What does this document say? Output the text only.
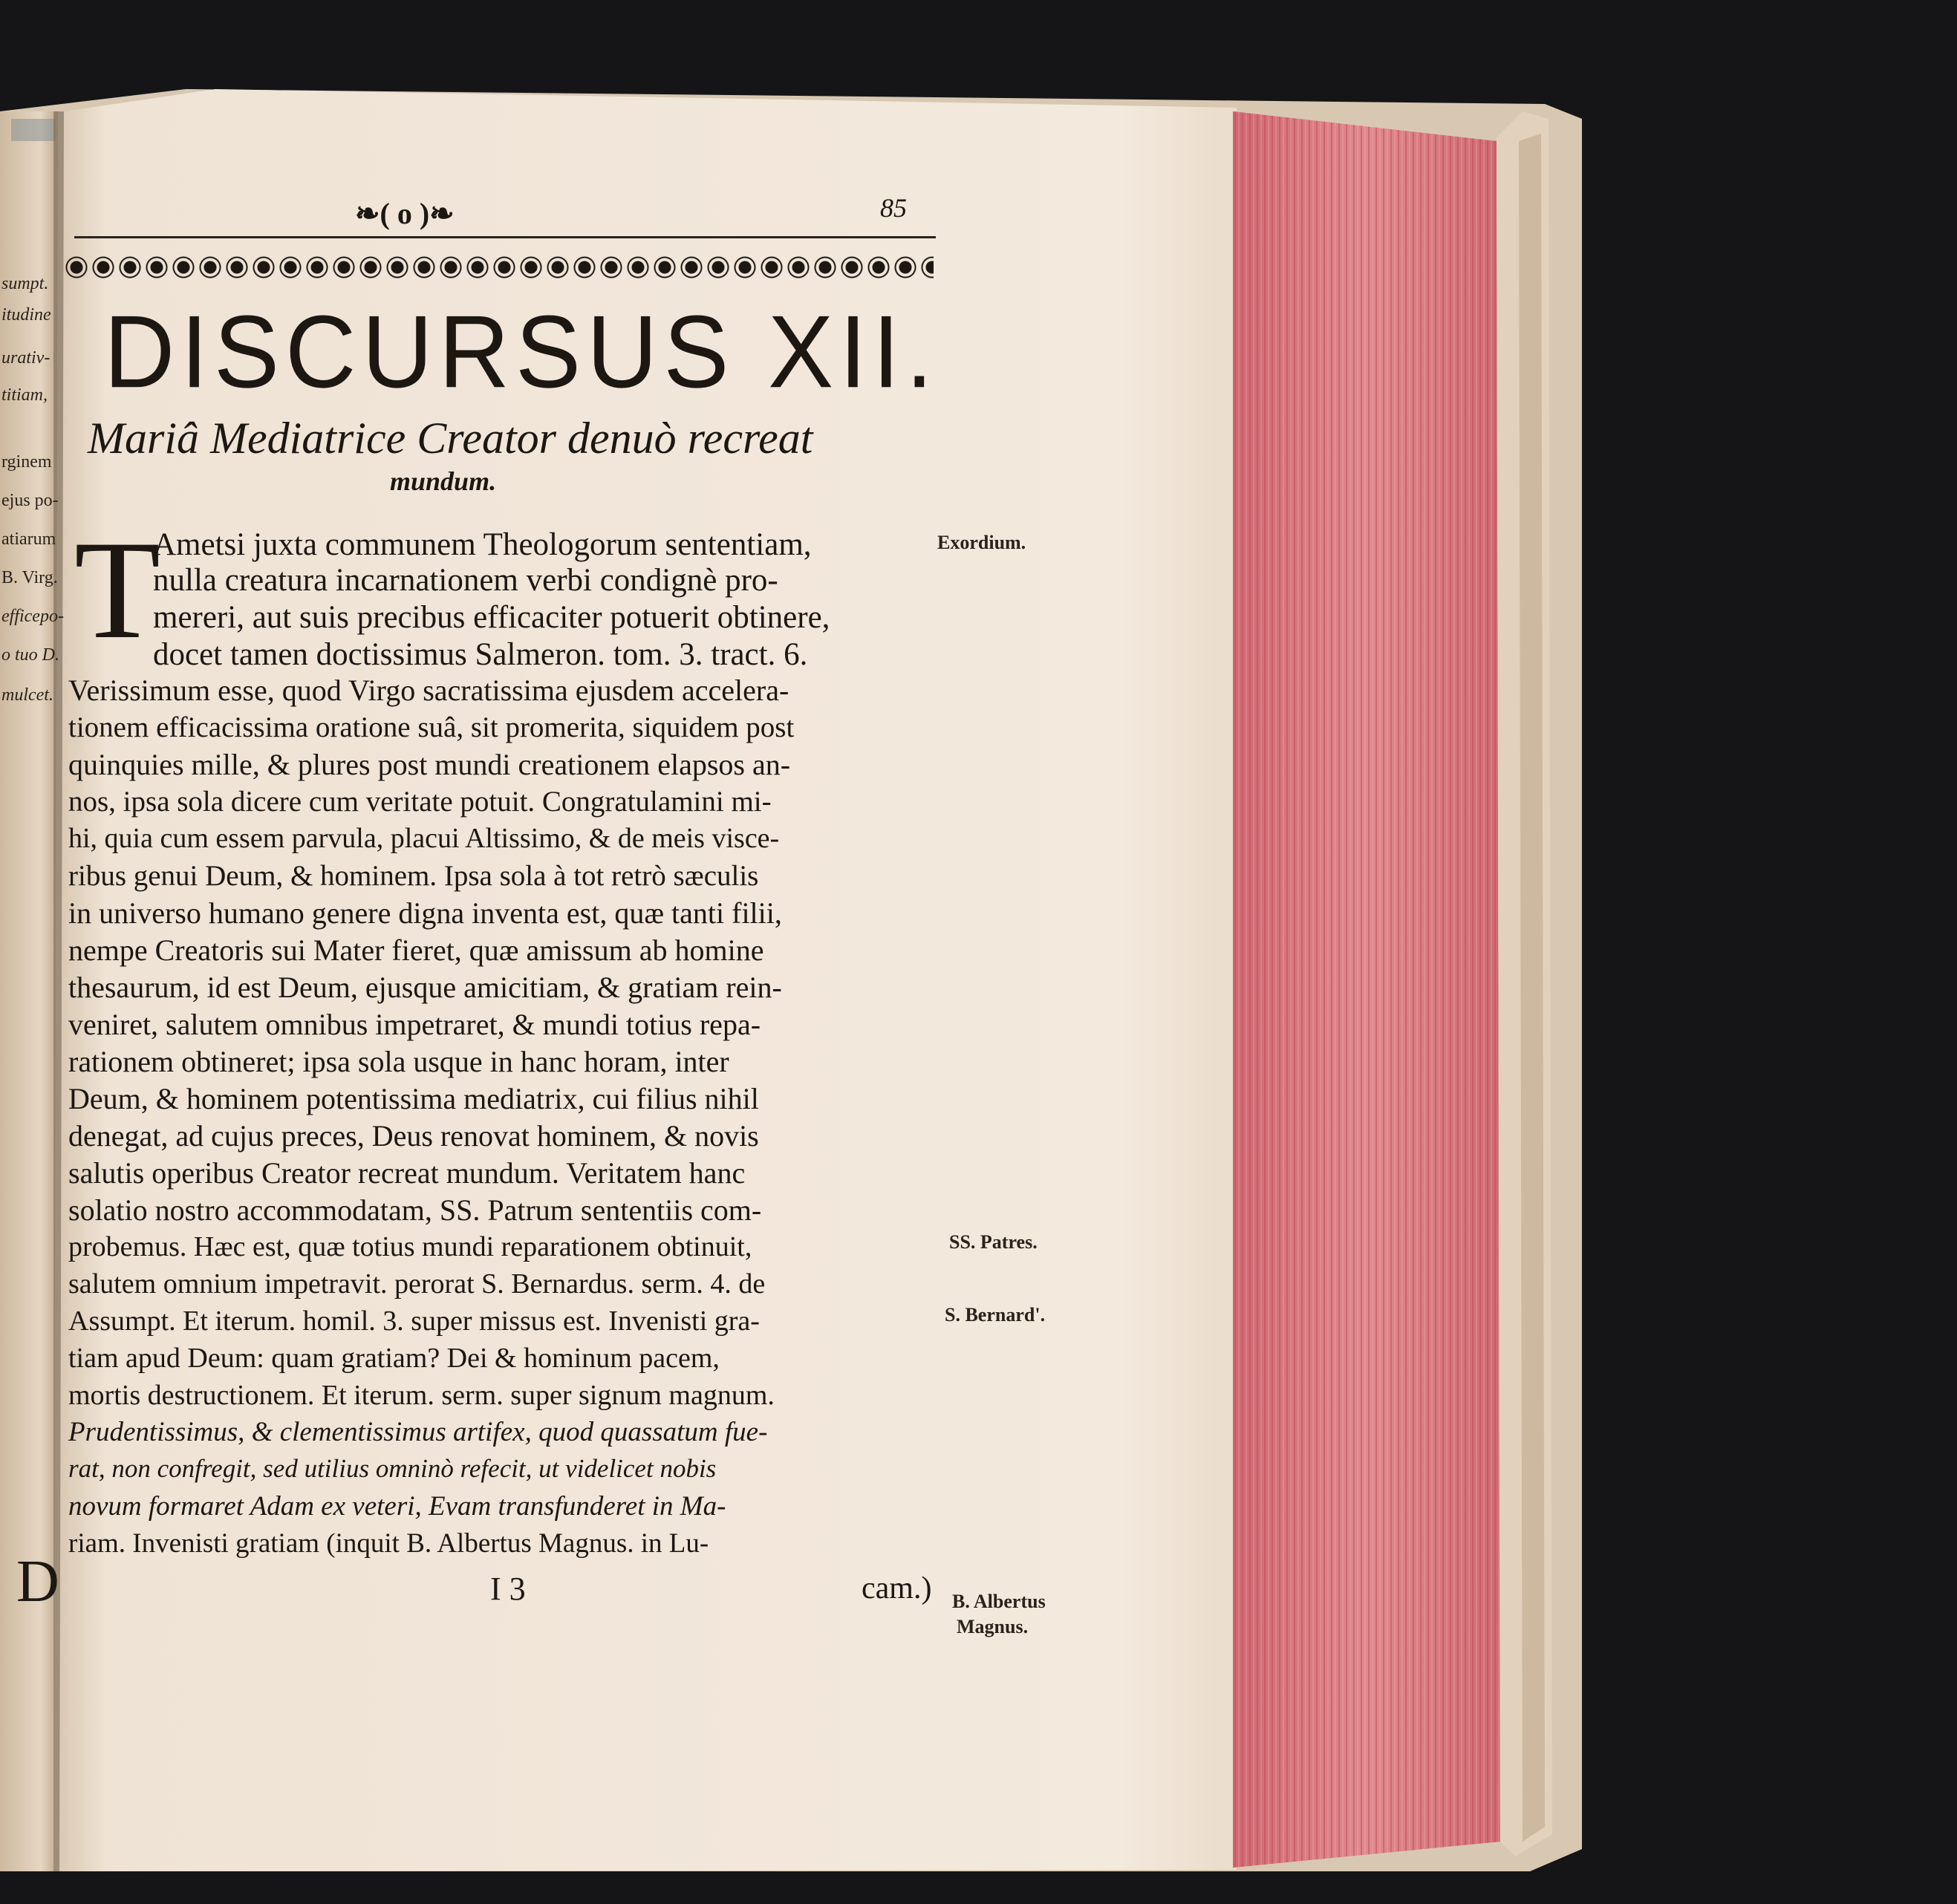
❧( o )❧	85
DISCURSUS XII.
Mariâ Mediatrice Creator denuò recreat
mundum.
T
Ametsi juxta communem Theologorum sententiam,
nulla creatura incarnationem verbi condignè pro-
mereri, aut suis precibus efficaciter potuerit obtinere,
docet tamen doctissimus Salmeron. tom. 3. tract. 6.
Verissimum esse, quod Virgo sacratissima ejusdem accelera-
tionem efficacissima oratione suâ, sit promerita, siquidem post
quinquies mille, & plures post mundi creationem elapsos an-
nos, ipsa sola dicere cum veritate potuit. Congratulamini mi-
hi, quia cum essem parvula, placui Altissimo, & de meis visce-
ribus genui Deum, & hominem. Ipsa sola à tot retrò sæculis
in universo humano genere digna inventa est, quæ tanti filii,
nempe Creatoris sui Mater fieret, quæ amissum ab homine
thesaurum, id est Deum, ejusque amicitiam, & gratiam rein-
veniret, salutem omnibus impetraret, & mundi totius repa-
rationem obtineret; ipsa sola usque in hanc horam, inter
Deum, & hominem potentissima mediatrix, cui filius nihil
denegat, ad cujus preces, Deus renovat hominem, & novis
salutis operibus Creator recreat mundum. Veritatem hanc
solatio nostro accommodatam, SS. Patrum sententiis com-
probemus. Hæc est, quæ totius mundi reparationem obtinuit,
salutem omnium impetravit. perorat S. Bernardus. serm. 4. de
Assumpt. Et iterum. homil. 3. super missus est. Invenisti gra-
tiam apud Deum: quam gratiam? Dei & hominum pacem,
mortis destructionem. Et iterum. serm. super signum magnum.
Prudentissimus, & clementissimus artifex, quod quassatum fue-
rat, non confregit, sed utilius omninò refecit, ut videlicet nobis
novum formaret Adam ex veteri, Evam transfunderet in Ma-
riam. Invenisti gratiam (inquit B. Albertus Magnus. in Lu-
I 3	cam.)
Exordium.
SS. Patres.
S. Bernard'.
B. Albertus
Magnus.
sumpt.
itudine
urativ-
titiam,
rginem
ejus po-
atiarum
B. Virg.
efficepo-
o tuo D.
mulcet.
D
